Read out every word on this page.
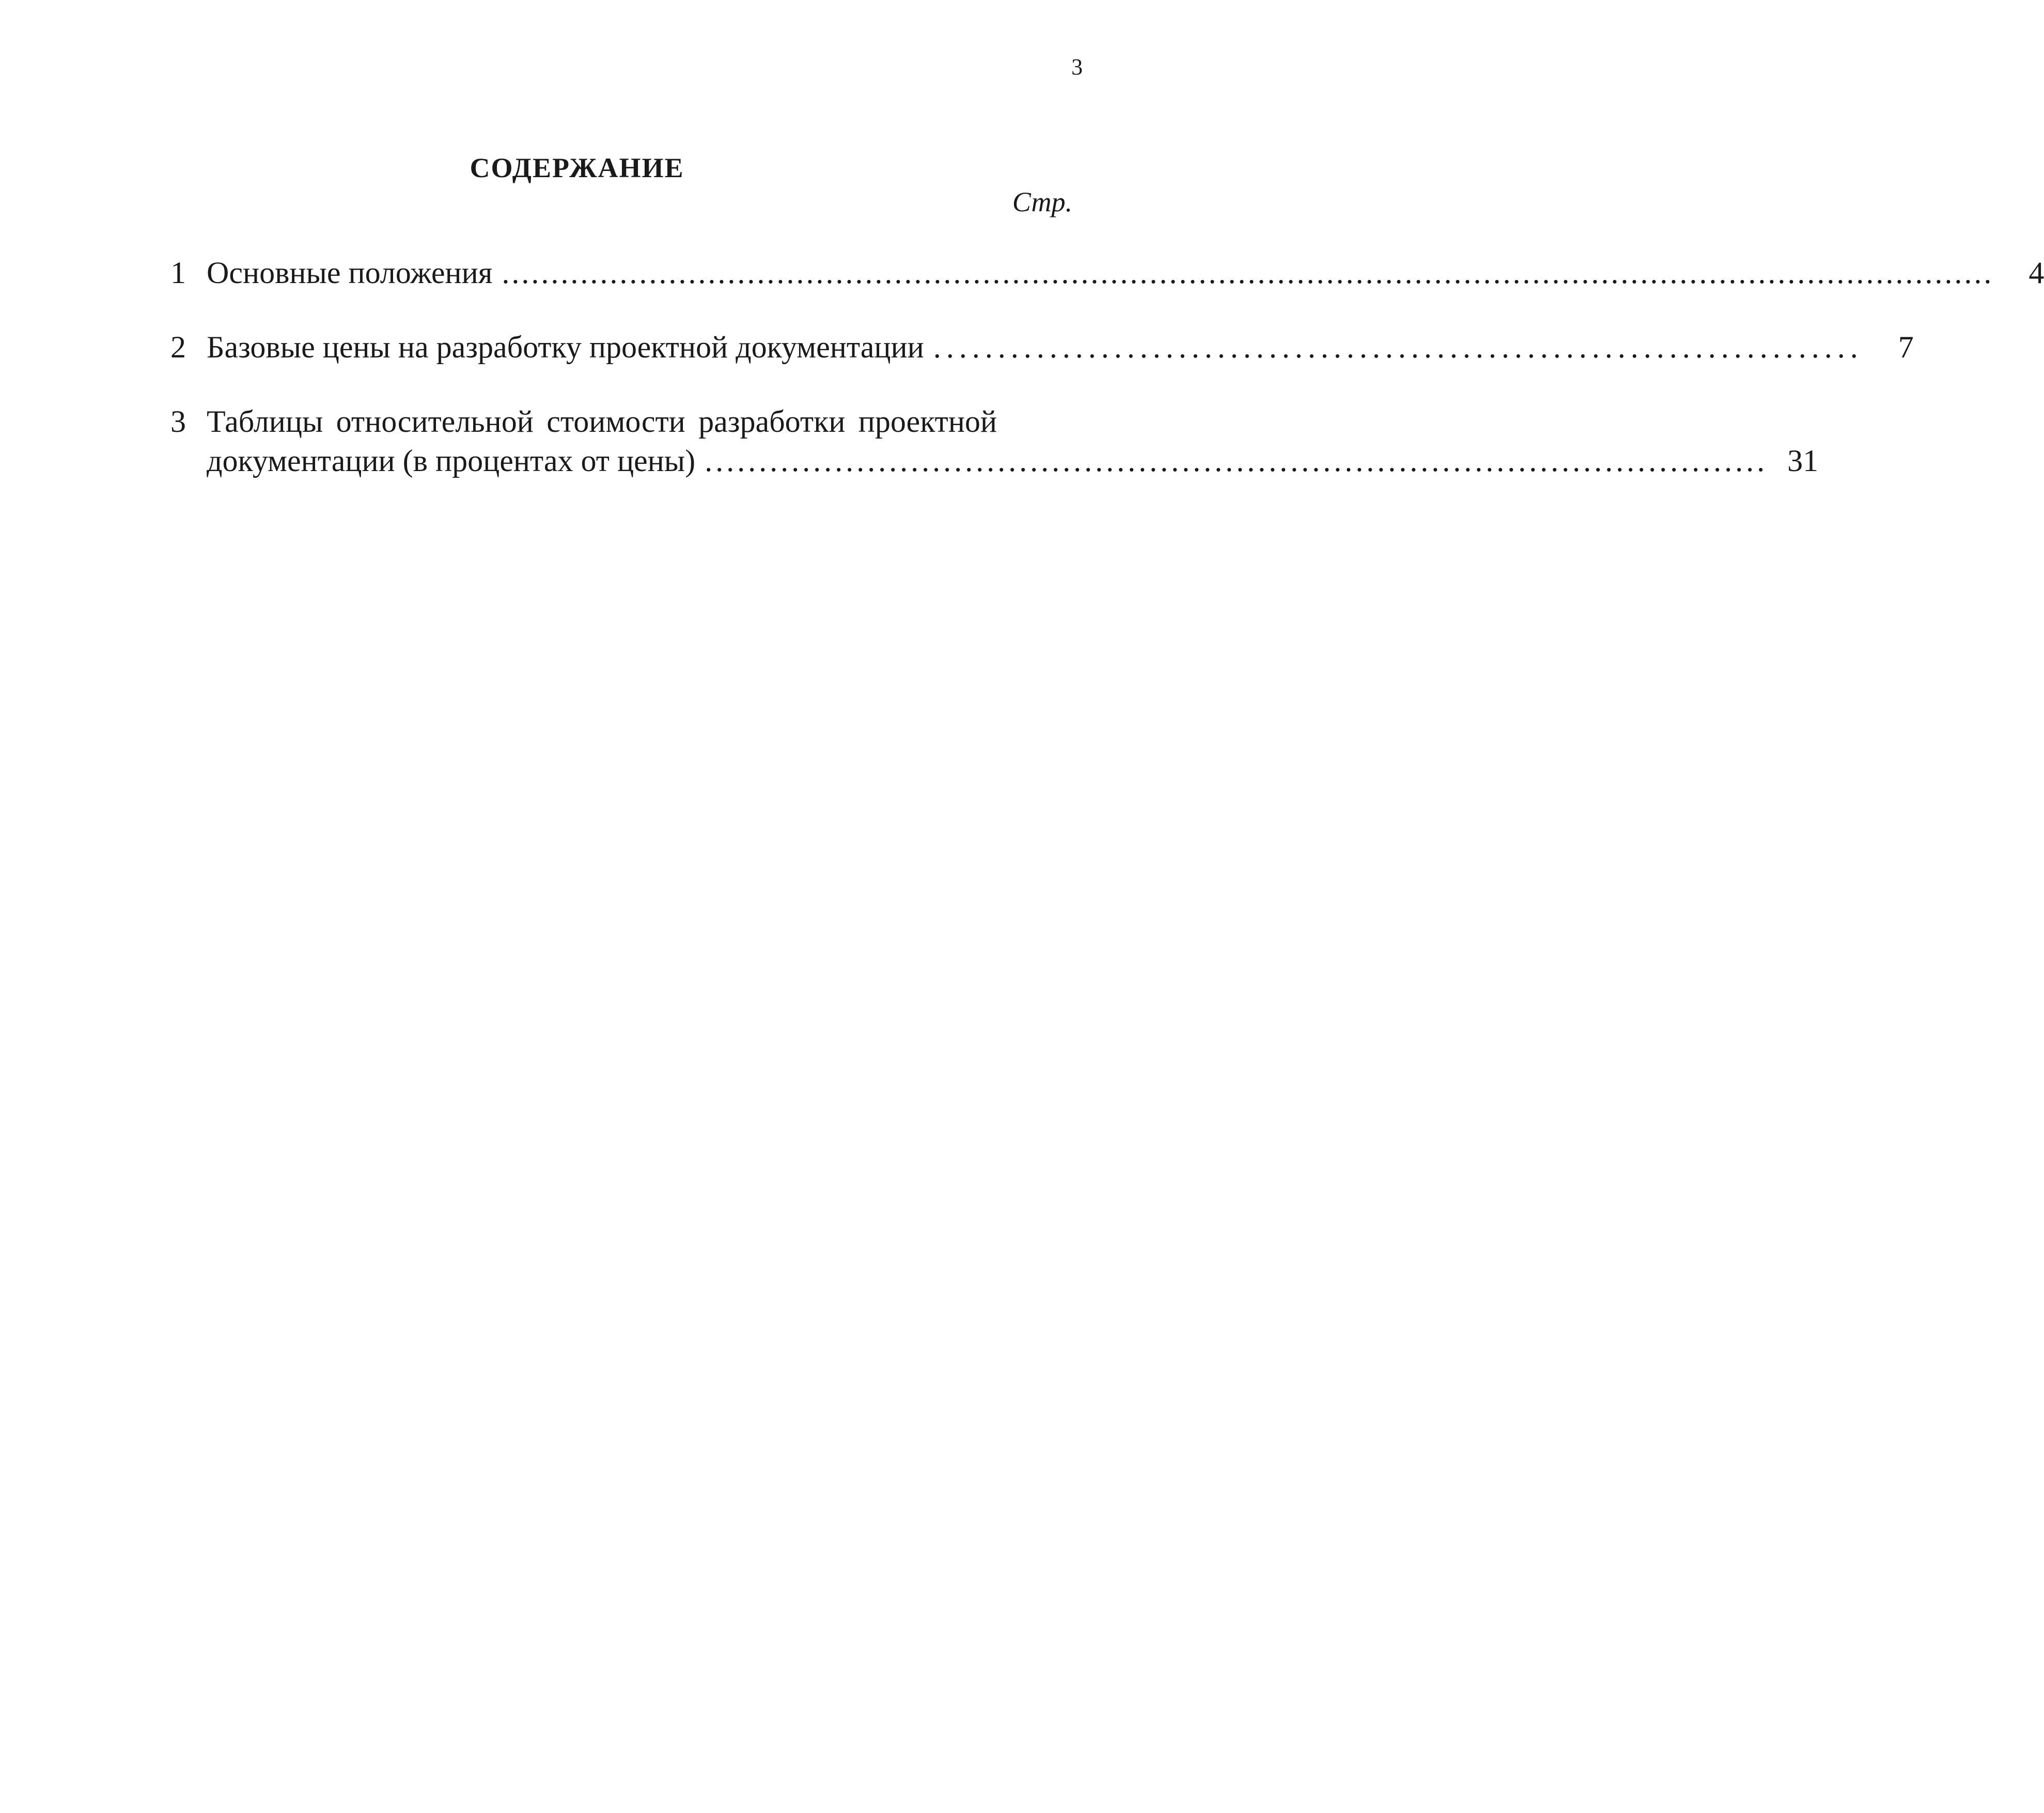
3
СОДЕРЖАНИЕ
Стр.
1 Основные положения ........................................................................................................................................................	4
2 Базовые цены на разработку проектной документации ........................................................................	7
3 Таблицы относительной стоимости разработки проектной
документации (в процентах от цены) .................................................................................................. 31
